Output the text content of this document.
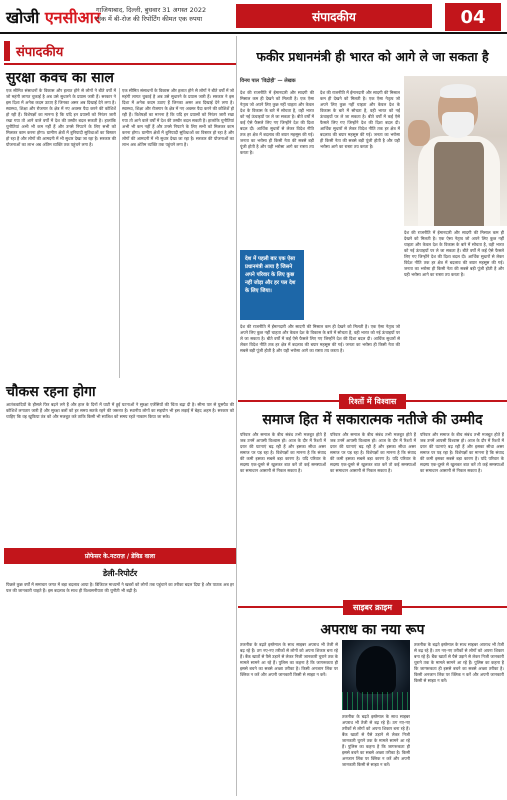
खोजी एनसीआर
गाजियाबाद, दिल्ली, बुधवार 31 अगस्त 2022
अंक में बी-रोज की रिपोर्टिंग कीमत एक रुपया	संपादकीय	04
संपादकीय
सुरक्षा कवच का साल
एक सीमित संसाधनों के विकास और हलात होने से लोगों ने बीते वर्षों में जो महंगी लागत चुकाई है अब उसे सुधारने के प्रयास जारी हैं। सरकार ने इस दिशा में अनेक कदम उठाए हैं जिनका असर अब दिखाई देने लगा है। स्वास्थ्य, शिक्षा और रोजगार के क्षेत्र में नए अवसर पैदा करने की कोशिशें हो रही हैं। विशेषज्ञों का मानना है कि यदि इन प्रयासों को निरंतर जारी रखा गया तो आने वाले वर्षों में देश की तस्वीर बदल सकती है। हालांकि चुनौतियां अभी भी कम नहीं हैं और उनसे निपटने के लिए सभी को मिलकर काम करना होगा। ग्रामीण क्षेत्रों में बुनियादी सुविधाओं का विस्तार हो रहा है और लोगों की आमदनी में भी सुधार देखा जा रहा है। सरकार की योजनाओं का लाभ अब अंतिम व्यक्ति तक पहुंचने लगा है।
एक सीमित संसाधनों के विकास और हलात होने से लोगों ने बीते वर्षों में जो महंगी लागत चुकाई है अब उसे सुधारने के प्रयास जारी हैं। सरकार ने इस दिशा में अनेक कदम उठाए हैं जिनका असर अब दिखाई देने लगा है। स्वास्थ्य, शिक्षा और रोजगार के क्षेत्र में नए अवसर पैदा करने की कोशिशें हो रही हैं। विशेषज्ञों का मानना है कि यदि इन प्रयासों को निरंतर जारी रखा गया तो आने वाले वर्षों में देश की तस्वीर बदल सकती है। हालांकि चुनौतियां अभी भी कम नहीं हैं और उनसे निपटने के लिए सभी को मिलकर काम करना होगा। ग्रामीण क्षेत्रों में बुनियादी सुविधाओं का विस्तार हो रहा है और लोगों की आमदनी में भी सुधार देखा जा रहा है। सरकार की योजनाओं का लाभ अब अंतिम व्यक्ति तक पहुंचने लगा है।
चौकस रहना होगा
आतंकवादियों के हौसले फिर बढ़ने लगे हैं और हाल के दिनों में घाटी में हुई घटनाओं ने सुरक्षा एजेंसियों की चिंता बढ़ा दी है। सीमा पार से घुसपैठ की कोशिशें लगातार जारी हैं और सुरक्षा बलों को हर समय सतर्क रहने की जरूरत है। स्थानीय लोगों का सहयोग भी इस लड़ाई में बेहद अहम है। सरकार को चाहिए कि वह खुफिया तंत्र को और मजबूत करे ताकि किसी भी साजिश को समय रहते नाकाम किया जा सके।
प्रोफेसर के.नटराज़ / डेविड वाला
डेली-रिपोर्टर
पिछले कुछ वर्षों में समाचार जगत में बड़ा बदलाव आया है। डिजिटल माध्यमों ने खबरों को लोगों तक पहुंचाने का तरीका बदल दिया है और पाठक अब हर पल की जानकारी चाहते हैं। इस बदलाव के साथ ही विश्वसनीयता की चुनौती भी बढ़ी है।
फकीर प्रधानमंत्री ही भारत को आगे ले जा सकता है
विनय पाल 'विद्रोही' — लेखक
देश की राजनीति में ईमानदारी और सादगी की मिसाल कम ही देखने को मिलती है। एक ऐसा नेतृत्व जो अपने लिए कुछ नहीं चाहता और केवल देश के विकास के बारे में सोचता है, वही भारत को नई ऊंचाइयों पर ले जा सकता है। बीते वर्षों में कई ऐसे फैसले लिए गए जिन्होंने देश की दिशा बदल दी। आर्थिक सुधारों से लेकर विदेश नीति तक हर क्षेत्र में बदलाव की बयार महसूस की गई। जनता का भरोसा ही किसी नेता की सबसे बड़ी पूंजी होती है और यही भरोसा आगे का रास्ता तय करता है।
देश की राजनीति में ईमानदारी और सादगी की मिसाल कम ही देखने को मिलती है। एक ऐसा नेतृत्व जो अपने लिए कुछ नहीं चाहता और केवल देश के विकास के बारे में सोचता है, वही भारत को नई ऊंचाइयों पर ले जा सकता है। बीते वर्षों में कई ऐसे फैसले लिए गए जिन्होंने देश की दिशा बदल दी। आर्थिक सुधारों से लेकर विदेश नीति तक हर क्षेत्र में बदलाव की बयार महसूस की गई। जनता का भरोसा ही किसी नेता की सबसे बड़ी पूंजी होती है और यही भरोसा आगे का रास्ता तय करता है।
देश की राजनीति में ईमानदारी और सादगी की मिसाल कम ही देखने को मिलती है। एक ऐसा नेतृत्व जो अपने लिए कुछ नहीं चाहता और केवल देश के विकास के बारे में सोचता है, वही भारत को नई ऊंचाइयों पर ले जा सकता है। बीते वर्षों में कई ऐसे फैसले लिए गए जिन्होंने देश की दिशा बदल दी। आर्थिक सुधारों से लेकर विदेश नीति तक हर क्षेत्र में बदलाव की बयार महसूस की गई। जनता का भरोसा ही किसी नेता की सबसे बड़ी पूंजी होती है और यही भरोसा आगे का रास्ता तय करता है।
देश में पहली बार एक ऐसा प्रधानमंत्री आया है जिसने अपने परिवार के लिए कुछ नहीं जोड़ा और हर पल देश के लिए जिया।
देश की राजनीति में ईमानदारी और सादगी की मिसाल कम ही देखने को मिलती है। एक ऐसा नेतृत्व जो अपने लिए कुछ नहीं चाहता और केवल देश के विकास के बारे में सोचता है, वही भारत को नई ऊंचाइयों पर ले जा सकता है। बीते वर्षों में कई ऐसे फैसले लिए गए जिन्होंने देश की दिशा बदल दी। आर्थिक सुधारों से लेकर विदेश नीति तक हर क्षेत्र में बदलाव की बयार महसूस की गई। जनता का भरोसा ही किसी नेता की सबसे बड़ी पूंजी होती है और यही भरोसा आगे का रास्ता तय करता है।
रिश्तों में विश्वास
समाज हित में सकारात्मक नतीजे की उम्मीद
परिवार और समाज के बीच संबंध तभी मजबूत होते हैं जब उनमें आपसी विश्वास हो। आज के दौर में रिश्तों में दरार की घटनाएं बढ़ रही हैं और इसका सीधा असर समाज पर पड़ रहा है। विशेषज्ञों का मानना है कि संवाद की कमी इसका सबसे बड़ा कारण है। यदि परिवार के सदस्य एक-दूसरे से खुलकर बात करें तो कई समस्याओं का समाधान आसानी से निकल सकता है।
परिवार और समाज के बीच संबंध तभी मजबूत होते हैं जब उनमें आपसी विश्वास हो। आज के दौर में रिश्तों में दरार की घटनाएं बढ़ रही हैं और इसका सीधा असर समाज पर पड़ रहा है। विशेषज्ञों का मानना है कि संवाद की कमी इसका सबसे बड़ा कारण है। यदि परिवार के सदस्य एक-दूसरे से खुलकर बात करें तो कई समस्याओं का समाधान आसानी से निकल सकता है।
परिवार और समाज के बीच संबंध तभी मजबूत होते हैं जब उनमें आपसी विश्वास हो। आज के दौर में रिश्तों में दरार की घटनाएं बढ़ रही हैं और इसका सीधा असर समाज पर पड़ रहा है। विशेषज्ञों का मानना है कि संवाद की कमी इसका सबसे बड़ा कारण है। यदि परिवार के सदस्य एक-दूसरे से खुलकर बात करें तो कई समस्याओं का समाधान आसानी से निकल सकता है।
साइबर क्राइम
अपराध का नया रूप
तकनीक के बढ़ते इस्तेमाल के साथ साइबर अपराध भी तेजी से बढ़ रहे हैं। ठग नए-नए तरीकों से लोगों को अपना शिकार बना रहे हैं। बैंक खातों से पैसे उड़ाने से लेकर निजी जानकारी चुराने तक के मामले सामने आ रहे हैं। पुलिस का कहना है कि जागरूकता ही इससे बचने का सबसे अच्छा तरीका है। किसी अनजान लिंक पर क्लिक न करें और अपनी जानकारी किसी से साझा न करें।
तकनीक के बढ़ते इस्तेमाल के साथ साइबर अपराध भी तेजी से बढ़ रहे हैं। ठग नए-नए तरीकों से लोगों को अपना शिकार बना रहे हैं। बैंक खातों से पैसे उड़ाने से लेकर निजी जानकारी चुराने तक के मामले सामने आ रहे हैं। पुलिस का कहना है कि जागरूकता ही इससे बचने का सबसे अच्छा तरीका है। किसी अनजान लिंक पर क्लिक न करें और अपनी जानकारी किसी से साझा न करें।
तकनीक के बढ़ते इस्तेमाल के साथ साइबर अपराध भी तेजी से बढ़ रहे हैं। ठग नए-नए तरीकों से लोगों को अपना शिकार बना रहे हैं। बैंक खातों से पैसे उड़ाने से लेकर निजी जानकारी चुराने तक के मामले सामने आ रहे हैं। पुलिस का कहना है कि जागरूकता ही इससे बचने का सबसे अच्छा तरीका है। किसी अनजान लिंक पर क्लिक न करें और अपनी जानकारी किसी से साझा न करें।
